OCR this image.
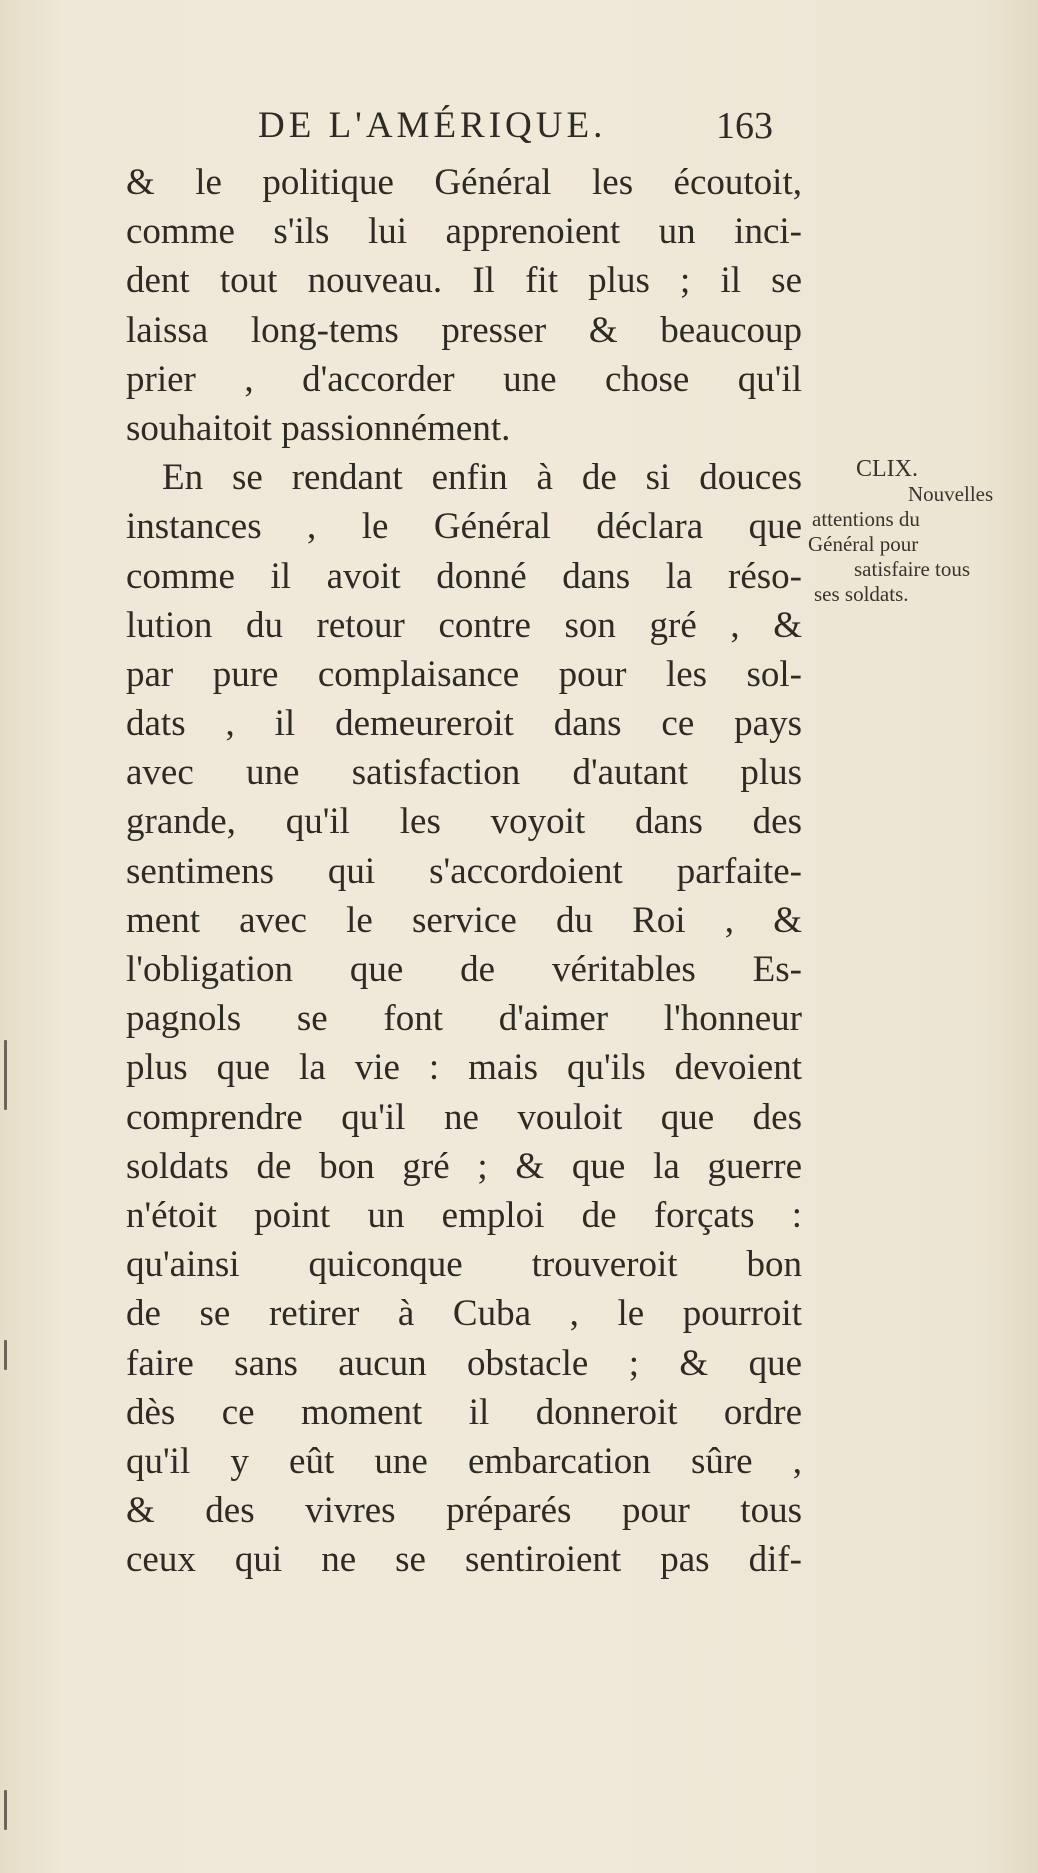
DE L'AMÉRIQUE.	163
& le politique Général les écoutoit,
comme s'ils lui apprenoient un inci-
dent tout nouveau. Il fit plus ; il se
laissa long-tems presser & beaucoup
prier , d'accorder une chose qu'il
souhaitoit passionnément.
En se rendant enfin à de si douces
instances , le Général déclara que
comme il avoit donné dans la réso-
lution du retour contre son gré , &
par pure complaisance pour les sol-
dats , il demeureroit dans ce pays
avec une satisfaction d'autant plus
grande, qu'il les voyoit dans des
sentimens qui s'accordoient parfaite-
ment avec le service du Roi , &
l'obligation que de véritables Es-
pagnols se font d'aimer l'honneur
plus que la vie : mais qu'ils devoient
comprendre qu'il ne vouloit que des
soldats de bon gré ; & que la guerre
n'étoit point un emploi de forçats :
qu'ainsi quiconque trouveroit bon
de se retirer à Cuba , le pourroit
faire sans aucun obstacle ; & que
dès ce moment il donneroit ordre
qu'il y eût une embarcation sûre ,
& des vivres préparés pour tous
ceux qui ne se sentiroient pas dif-
CLIX.
Nouvelles
attentions du
Général pour
satisfaire tous
ses soldats.
